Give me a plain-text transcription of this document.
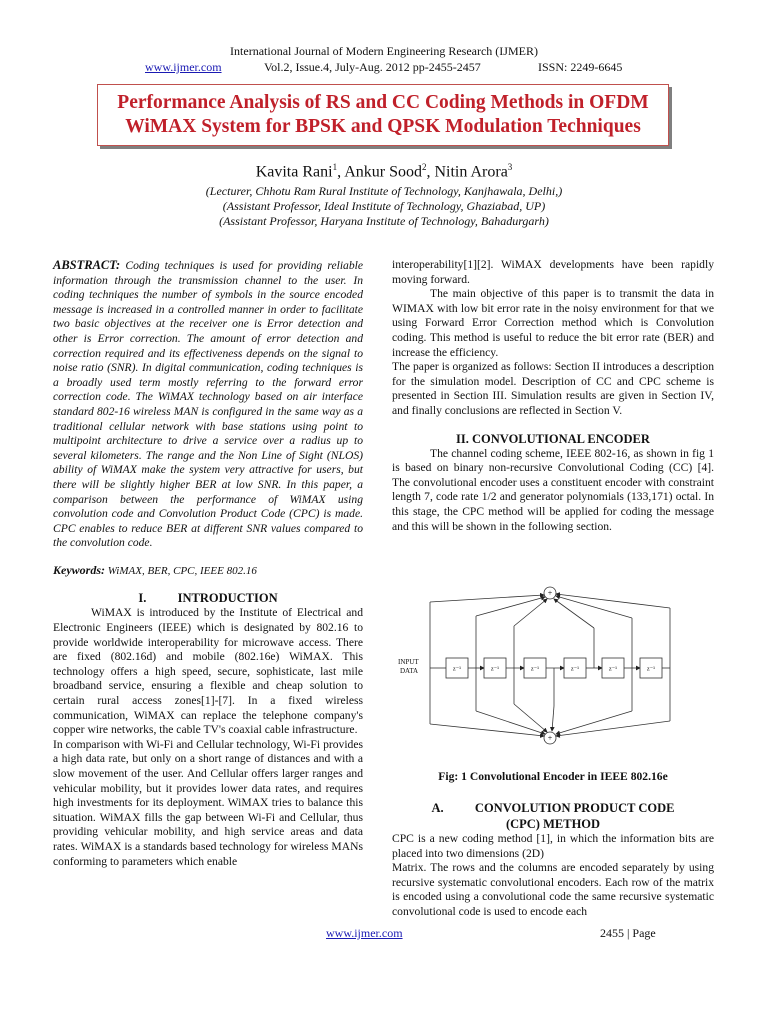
International Journal of Modern Engineering Research (IJMER)
www.ijmer.com	Vol.2, Issue.4, July-Aug. 2012 pp-2455-2457	ISSN: 2249-6645
Performance Analysis of RS and CC Coding Methods in OFDM
WiMAX System for BPSK and QPSK Modulation Techniques
Kavita Rani$^1$, Ankur Sood$^2$, Nitin Arora$^3$
(Lecturer, Chhotu Ram Rural Institute of Technology, Kanjhawala, Delhi,)
(Assistant Professor, Ideal Institute of Technology, Ghaziabad, UP)
(Assistant Professor, Haryana Institute of Technology, Bahadurgarh)

ABSTRACT: Coding techniques is used for providing reliable information through the transmission channel to the user. In coding techniques the number of symbols in the source encoded message is increased in a controlled manner in order to facilitate two basic objectives at the receiver one is Error detection and other is Error correction. The amount of error detection and correction required and its effectiveness depends on the signal to noise ratio (SNR). In digital communication, coding techniques is a broadly used term mostly referring to the forward error correction code. The WiMAX technology based on air interface standard 802-16 wireless MAN is configured in the same way as a traditional cellular network with base stations using point to multipoint architecture to drive a service over a radius up to several kilometers. The range and the Non Line of Sight (NLOS) ability of WiMAX make the system very attractive for users, but there will be slightly higher BER at low SNR. In this paper, a comparison between the performance of WiMAX using convolution code and Convolution Product Code (CPC) is made. CPC enables to reduce BER at different SNR values compared to the convolution code.

Keywords: WiMAX, BER, CPC, IEEE 802.16

I.          INTRODUCTION

WiMAX is introduced by the Institute of Electrical and Electronic Engineers (IEEE) which is designated by 802.16 to provide worldwide interoperability for microwave access. There are fixed (802.16d) and mobile (802.16e) WiMAX. This technology offers a high speed, secure, sophisticate, last mile broadband service, ensuring a flexible and cheap solution to certain rural access zones[1]-[7]. In a fixed wireless communication, WiMAX can replace the telephone company's copper wire networks, the cable TV's coaxial cable infrastructure.

In comparison with Wi-Fi and Cellular technology, Wi-Fi provides a high data rate, but only on a short range of distances and with a slow movement of the user. And Cellular offers larger ranges and vehicular mobility, but it provides lower data rates, and requires high investments for its deployment. WiMAX tries to balance this situation. WiMAX fills the gap between Wi-Fi and Cellular, thus providing vehicular mobility, and high service areas and data rates. WiMAX is a standards based technology for wireless MANs conforming to parameters which enable

interoperability[1][2]. WiMAX developments have been rapidly moving forward.

The main objective of this paper is to transmit the data in WIMAX with low bit error rate in the noisy environment for that we using Forward Error Correction method which is Convolution coding. This method is useful to reduce the bit error rate (BER) and increase the efficiency.

The paper is organized as follows: Section II introduces a description for the simulation model. Description of CC and CPC scheme is presented in Section III. Simulation results are given in Section IV, and finally conclusions are reflected in Section V.

II. CONVOLUTIONAL ENCODER

The channel coding scheme, IEEE 802-16, as shown in fig 1 is based on binary non-recursive Convolutional Coding (CC) [4]. The convolutional encoder uses a constituent encoder with constraint length 7, code rate 1/2 and generator polynomials (133,171) octal. In this stage, the CPC method will be applied for coding the message and this will be shown in the following section.

INPUT
DATA
+
+
z⁻¹	z⁻¹	z⁻¹	z⁻¹	z⁻¹	z⁻¹
Fig: 1 Convolutional Encoder in IEEE 802.16e
A.          CONVOLUTION PRODUCT CODE (CPC) METHOD

CPC is a new coding method [1], in which the information bits are placed into two dimensions (2D)

Matrix. The rows and the columns are encoded separately by using recursive systematic convolutional encoders. Each row of the matrix is encoded using a convolutional code the same recursive systematic convolutional code is used to encode each

www.ijmer.com	2455 | Page
